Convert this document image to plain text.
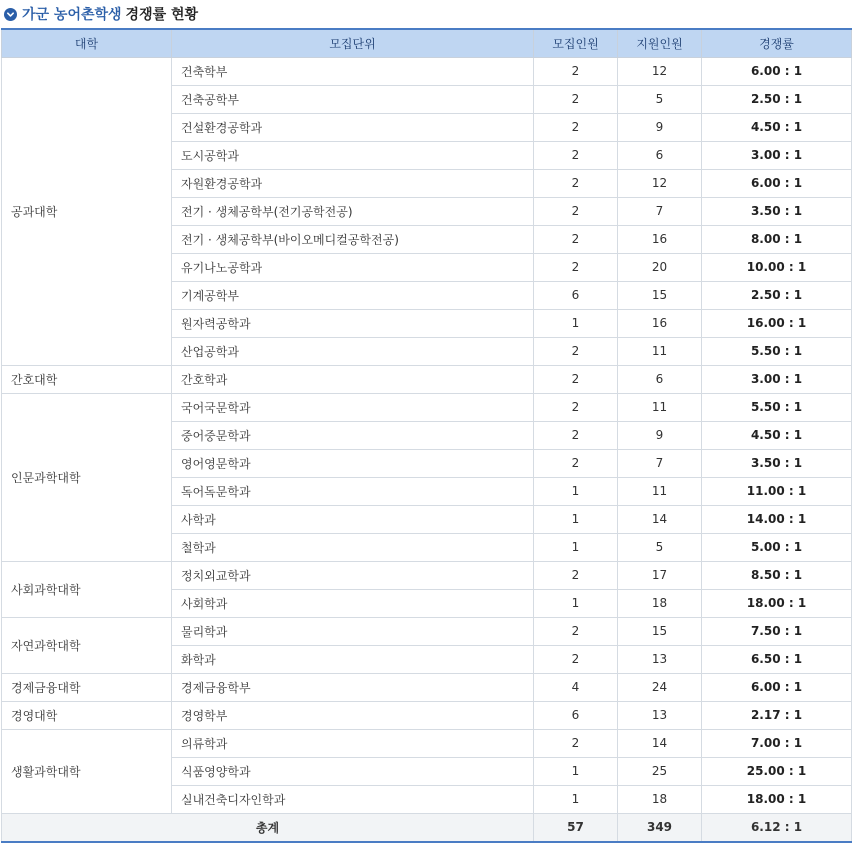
가군 농어촌학생 경쟁률 현황
대학	모집단위	모집인원	지원인원	경쟁률
공과대학	건축학부	2	12	6.00 : 1
	건축공학부	2	5	2.50 : 1
	건설환경공학과	2	9	4.50 : 1
	도시공학과	2	6	3.00 : 1
	자원환경공학과	2	12	6.00 : 1
	전기 · 생체공학부(전기공학전공)	2	7	3.50 : 1
	전기 · 생체공학부(바이오메디컬공학전공)	2	16	8.00 : 1
	유기나노공학과	2	20	10.00 : 1
	기계공학부	6	15	2.50 : 1
	원자력공학과	1	16	16.00 : 1
	산업공학과	2	11	5.50 : 1
간호대학	간호학과	2	6	3.00 : 1
인문과학대학	국어국문학과	2	11	5.50 : 1
	중어중문학과	2	9	4.50 : 1
	영어영문학과	2	7	3.50 : 1
	독어독문학과	1	11	11.00 : 1
	사학과	1	14	14.00 : 1
	철학과	1	5	5.00 : 1
사회과학대학	정치외교학과	2	17	8.50 : 1
	사회학과	1	18	18.00 : 1
자연과학대학	물리학과	2	15	7.50 : 1
	화학과	2	13	6.50 : 1
경제금융대학	경제금융학부	4	24	6.00 : 1
경영대학	경영학부	6	13	2.17 : 1
생활과학대학	의류학과	2	14	7.00 : 1
	식품영양학과	1	25	25.00 : 1
	실내건축디자인학과	1	18	18.00 : 1
총계		57	349	6.12 : 1
